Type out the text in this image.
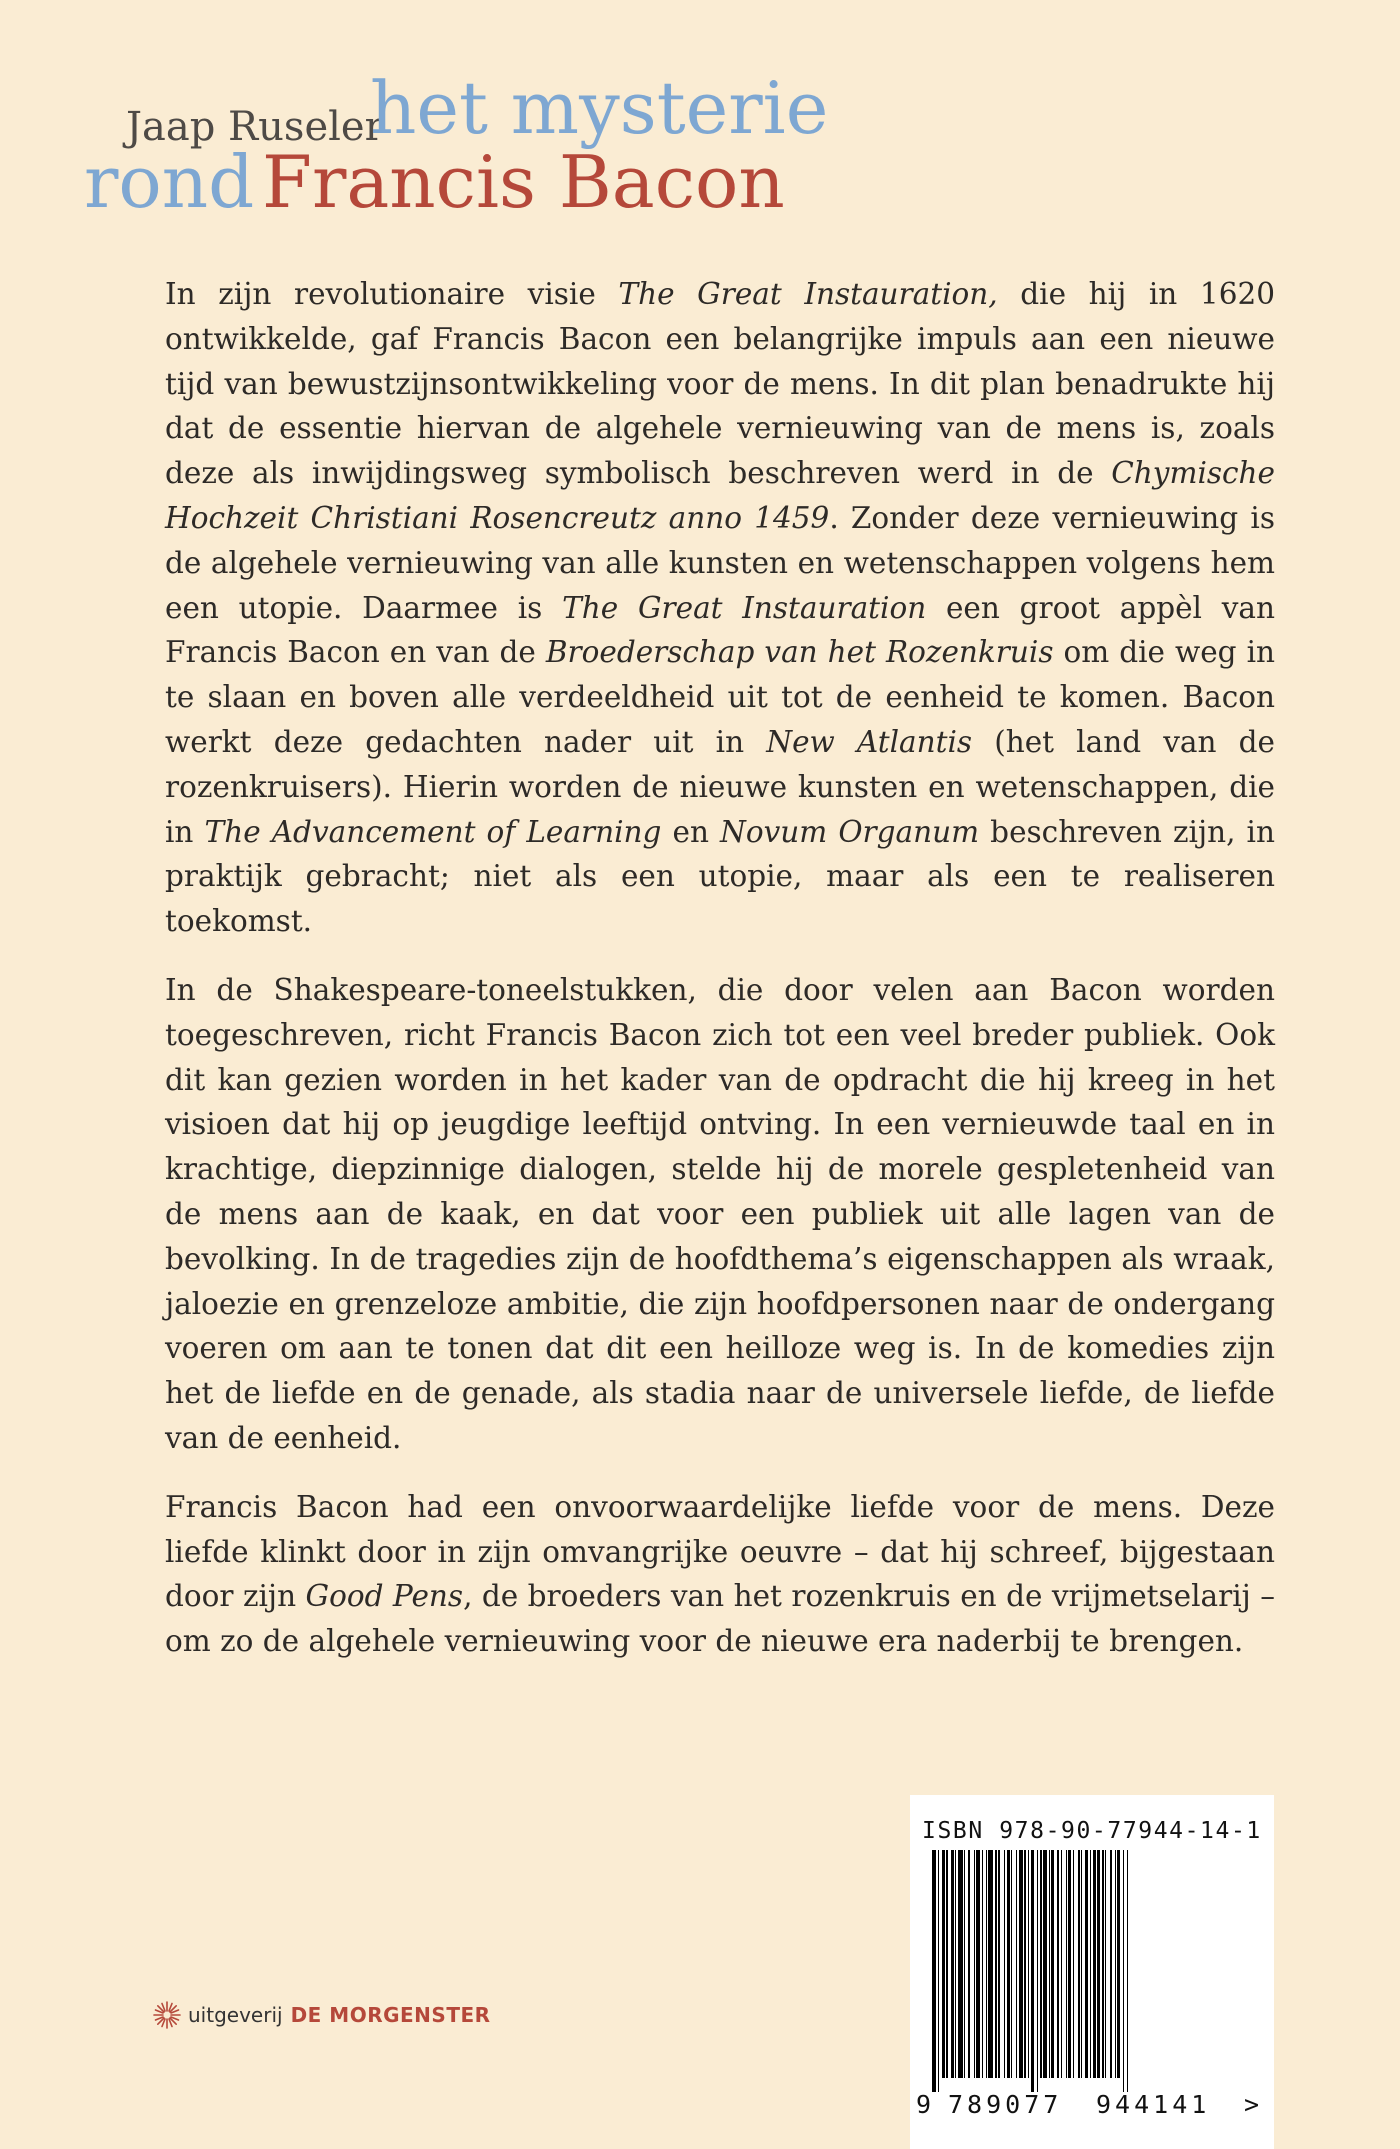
Jaap Ruseler
het mysterie
rond Francis Bacon

In zijn revolutionaire visie The Great Instauration, die hij in 1620 ontwikkelde, gaf Francis Bacon een belangrijke impuls aan een nieuwe tijd van bewustzijnsontwikkeling voor de mens. In dit plan benadrukte hij dat de essentie hiervan de algehele vernieuwing van de mens is, zoals deze als inwijdingsweg symbolisch beschreven werd in de Chymische Hochzeit Christiani Rosencreutz anno 1459. Zonder deze vernieuwing is de algehele vernieuwing van alle kunsten en wetenschappen volgens hem een utopie. Daarmee is The Great Instauration een groot appèl van Francis Bacon en van de Broederschap van het Rozenkruis om die weg in te slaan en boven alle verdeeldheid uit tot de eenheid te komen. Bacon werkt deze gedachten nader uit in New Atlantis (het land van de rozenkruisers). Hierin worden de nieuwe kunsten en wetenschappen, die in The Advancement of Learning en Novum Organum beschreven zijn, in praktijk gebracht; niet als een utopie, maar als een te realiseren toekomst.

In de Shakespeare-toneelstukken, die door velen aan Bacon worden toegeschreven, richt Francis Bacon zich tot een veel breder publiek. Ook dit kan gezien worden in het kader van de opdracht die hij kreeg in het visioen dat hij op jeugdige leeftijd ontving. In een vernieuwde taal en in krachtige, diepzinnige dialogen, stelde hij de morele gespletenheid van de mens aan de kaak, en dat voor een publiek uit alle lagen van de bevolking. In de tragedies zijn de hoofdthema’s eigenschappen als wraak, jaloezie en grenzeloze ambitie, die zijn hoofdpersonen naar de ondergang voeren om aan te tonen dat dit een heilloze weg is. In de komedies zijn het de liefde en de genade, als stadia naar de universele liefde, de liefde van de eenheid.

Francis Bacon had een onvoorwaardelijke liefde voor de mens. Deze liefde klinkt door in zijn omvangrijke oeuvre – dat hij schreef, bijgestaan door zijn Good Pens, de broeders van het rozenkruis en de vrijmetselarij – om zo de algehele vernieuwing voor de nieuwe era naderbij te brengen.

ISBN 978-90-77944-14-1
9 789077 944141 >
uitgeverij DE MORGENSTER
